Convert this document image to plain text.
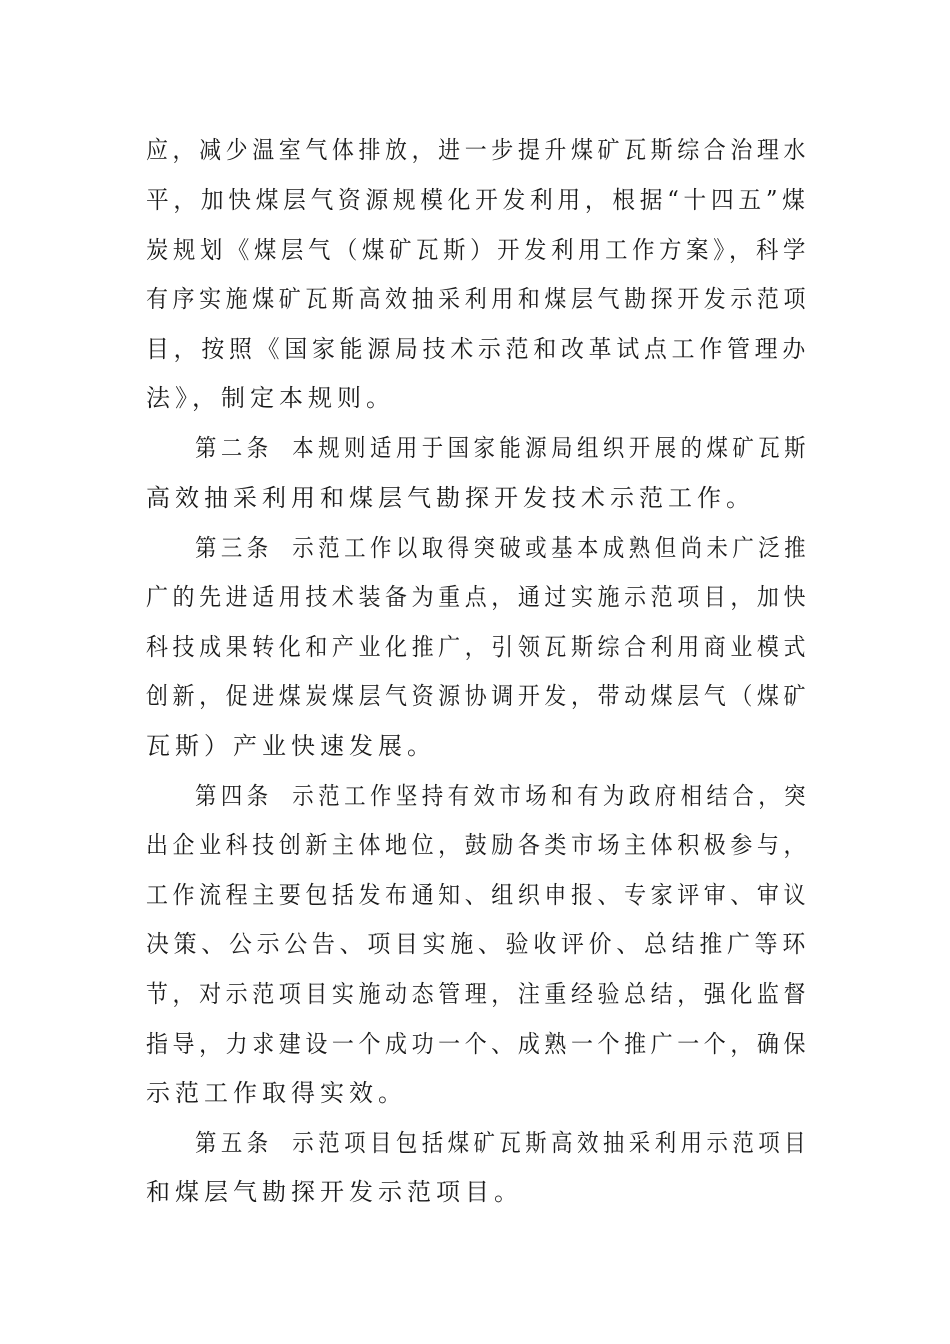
应，减少温室气体排放，进一步提升煤矿瓦斯综合治理水
平，加快煤层气资源规模化开发利用，根据“十四五”煤
炭规划《煤层气（煤矿瓦斯）开发利用工作方案》，科学
有序实施煤矿瓦斯高效抽采利用和煤层气勘探开发示范项
目，按照《国家能源局技术示范和改革试点工作管理办
法》，制定本规则。
第二条 本规则适用于国家能源局组织开展的煤矿瓦斯
高效抽采利用和煤层气勘探开发技术示范工作。
第三条 示范工作以取得突破或基本成熟但尚未广泛推
广的先进适用技术装备为重点，通过实施示范项目，加快
科技成果转化和产业化推广，引领瓦斯综合利用商业模式
创新，促进煤炭煤层气资源协调开发，带动煤层气（煤矿
瓦斯）产业快速发展。
第四条 示范工作坚持有效市场和有为政府相结合，突
出企业科技创新主体地位，鼓励各类市场主体积极参与，
工作流程主要包括发布通知、组织申报、专家评审、审议
决策、公示公告、项目实施、验收评价、总结推广等环
节，对示范项目实施动态管理，注重经验总结，强化监督
指导，力求建设一个成功一个、成熟一个推广一个，确保
示范工作取得实效。
第五条 示范项目包括煤矿瓦斯高效抽采利用示范项目
和煤层气勘探开发示范项目。
